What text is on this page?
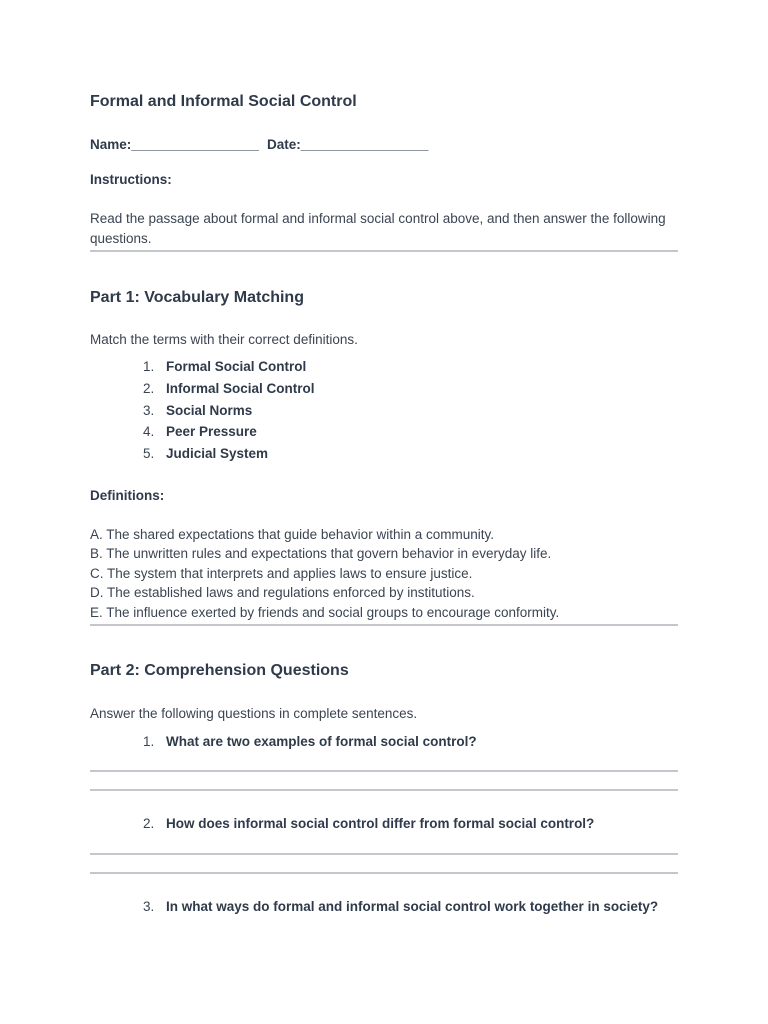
Formal and Informal Social Control
Name:_________________ Date:_________________
Instructions:
Read the passage about formal and informal social control above, and then answer the following questions.
Part 1: Vocabulary Matching
Match the terms with their correct definitions.
1. Formal Social Control
2. Informal Social Control
3. Social Norms
4. Peer Pressure
5. Judicial System
Definitions:
A. The shared expectations that guide behavior within a community.
B. The unwritten rules and expectations that govern behavior in everyday life.
C. The system that interprets and applies laws to ensure justice.
D. The established laws and regulations enforced by institutions.
E. The influence exerted by friends and social groups to encourage conformity.
Part 2: Comprehension Questions
Answer the following questions in complete sentences.
1. What are two examples of formal social control?
2. How does informal social control differ from formal social control?
3. In what ways do formal and informal social control work together in society?
